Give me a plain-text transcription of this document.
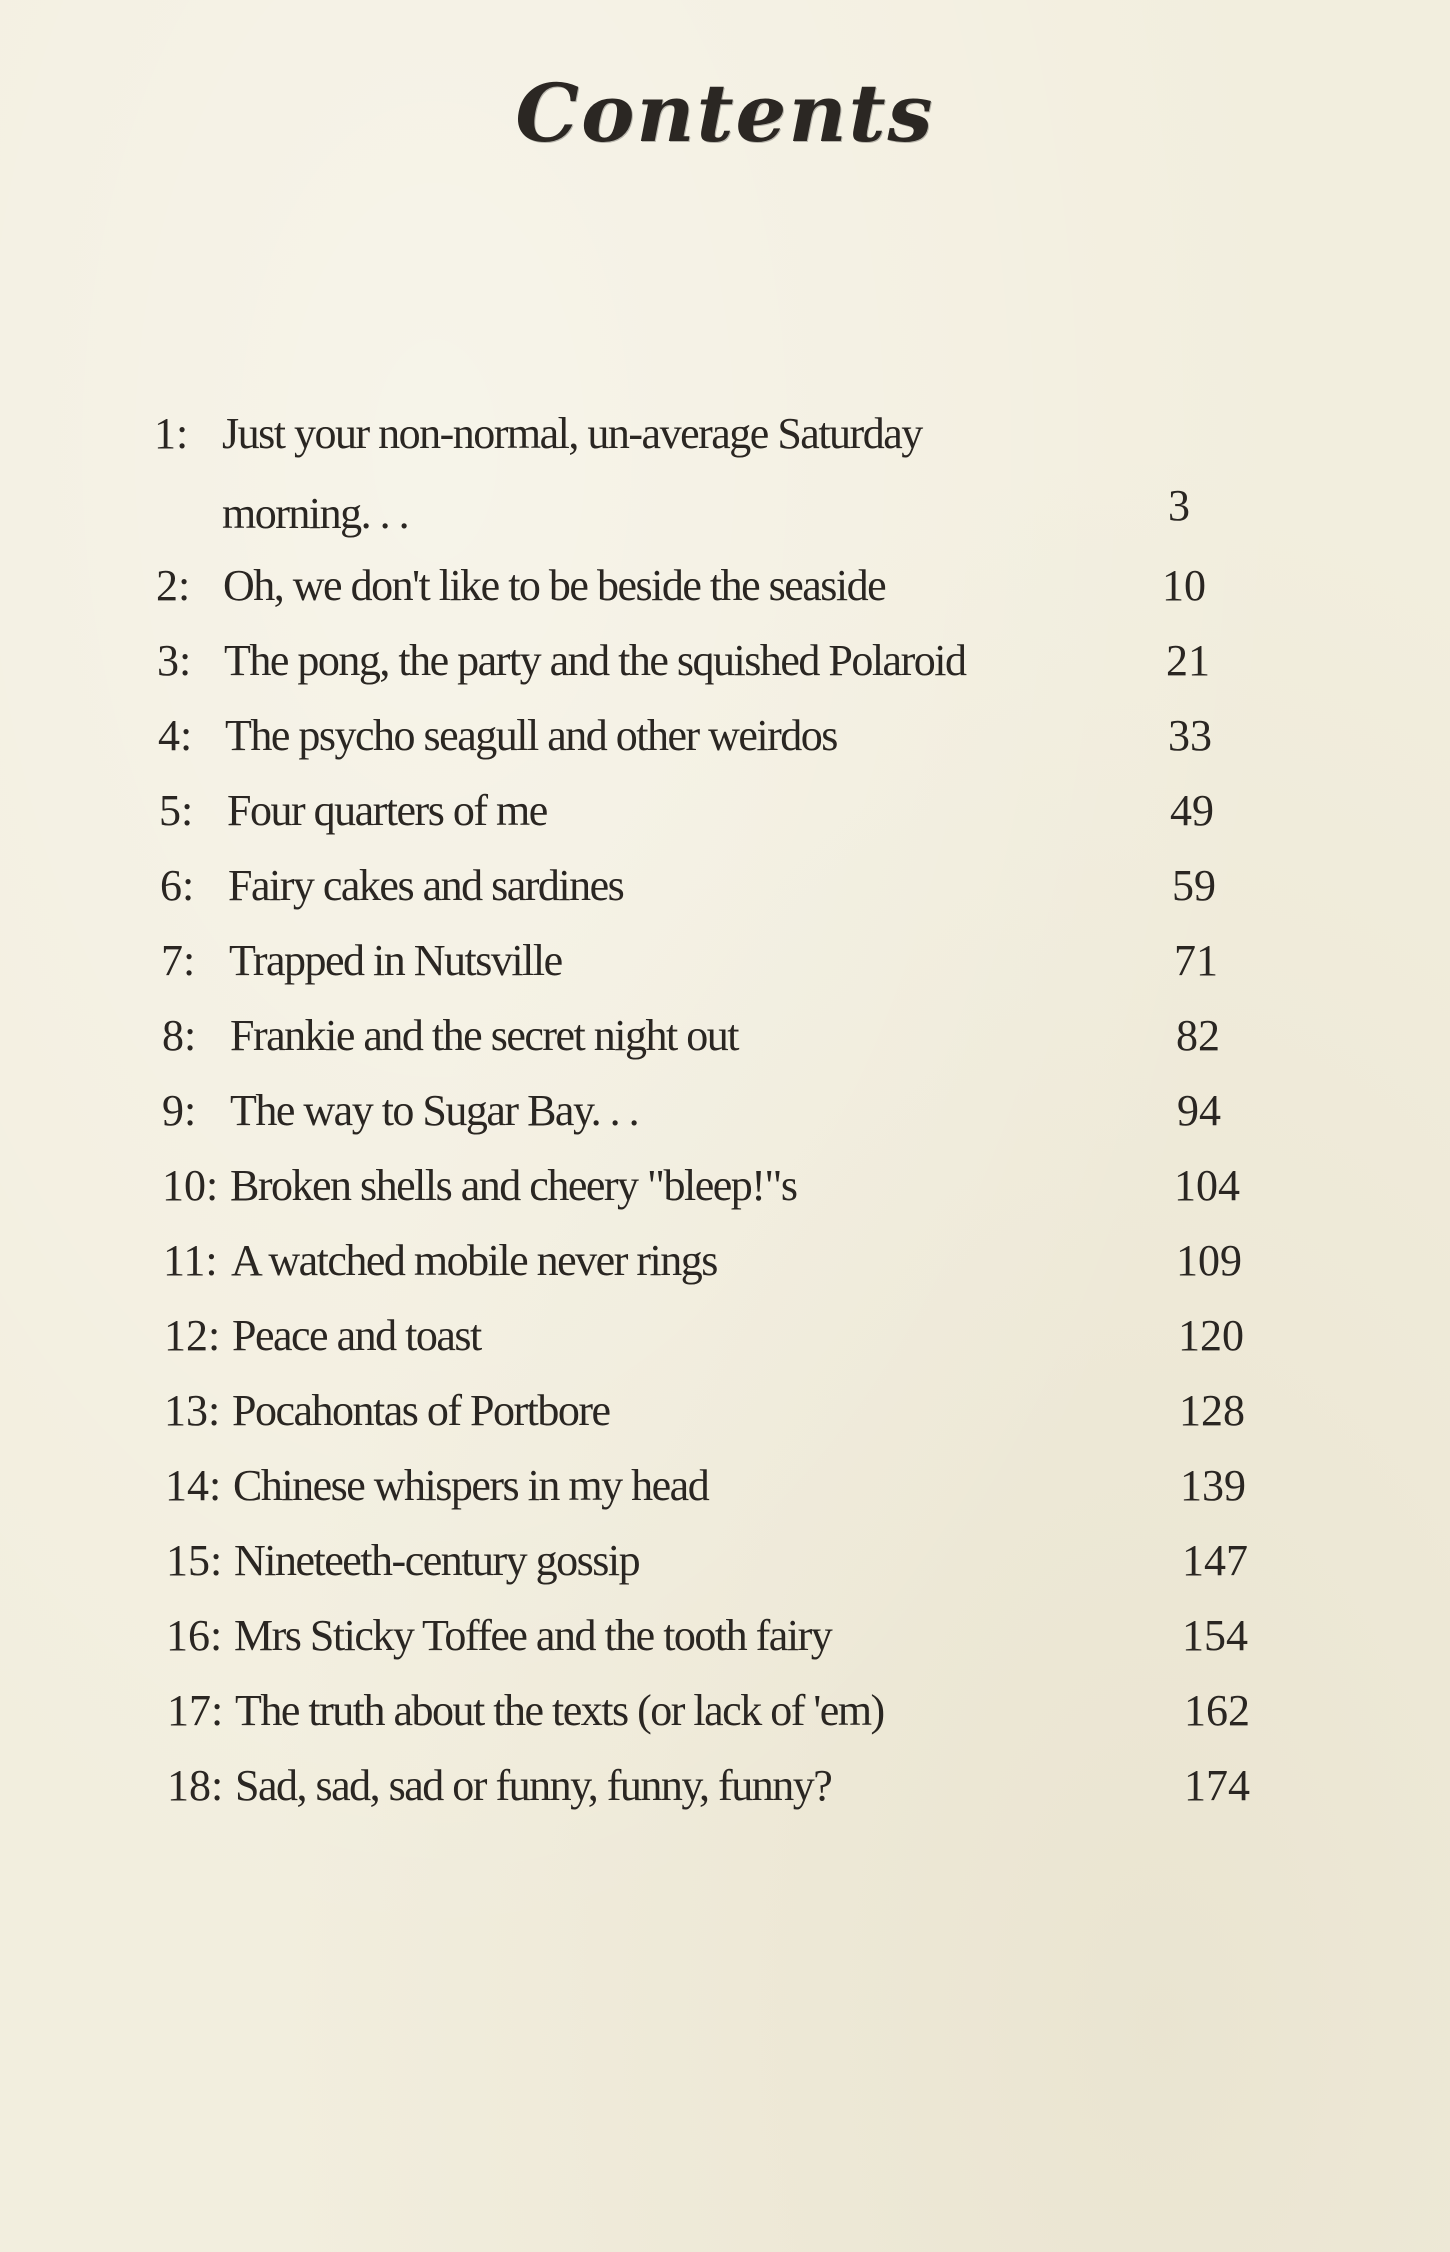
Contents
1: Just your non-normal, un-average Saturday
morning. . .	3
2: Oh, we don't like to be beside the seaside	10
3: The pong, the party and the squished Polaroid	21
4: The psycho seagull and other weirdos	33
5: Four quarters of me	49
6: Fairy cakes and sardines	59
7: Trapped in Nutsville	71
8: Frankie and the secret night out	82
9: The way to Sugar Bay. . .	94
10: Broken shells and cheery "bleep!"s	104
11: A watched mobile never rings	109
12: Peace and toast	120
13: Pocahontas of Portbore	128
14: Chinese whispers in my head	139
15: Nineteeth-century gossip	147
16: Mrs Sticky Toffee and the tooth fairy	154
17: The truth about the texts (or lack of 'em)	162
18: Sad, sad, sad or funny, funny, funny?	174
